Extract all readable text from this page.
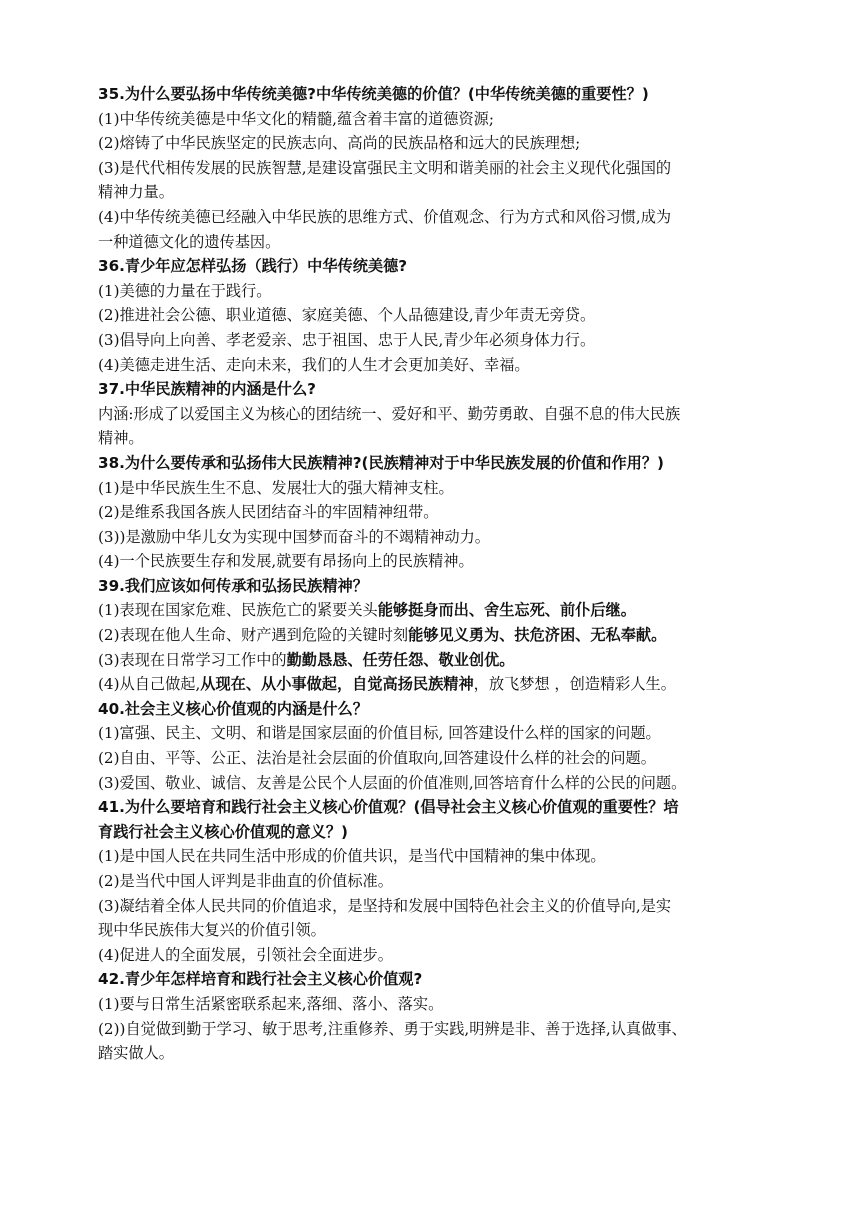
35.为什么要弘扬中华传统美德?中华传统美德的价值？(中华传统美德的重要性？)
(1)中华传统美德是中华文化的精髓,蕴含着丰富的道德资源;
(2)熔铸了中华民族坚定的民族志向、高尚的民族品格和远大的民族理想;
(3)是代代相传发展的民族智慧,是建设富强民主文明和谐美丽的社会主义现代化强国的
精神力量。
(4)中华传统美德已经融入中华民族的思维方式、价值观念、行为方式和风俗习惯,成为
一种道德文化的遗传基因。
36.青少年应怎样弘扬（践行）中华传统美德?
(1)美德的力量在于践行。
(2)推进社会公德、职业道德、家庭美德、个人品德建设,青少年责无旁贷。
(3)倡导向上向善、孝老爱亲、忠于祖国、忠于人民,青少年必须身体力行。
(4)美德走进生活、走向未来，我们的人生才会更加美好、幸福。
37.中华民族精神的内涵是什么?
内涵:形成了以爱国主义为核心的团结统一、爱好和平、勤劳勇敢、自强不息的伟大民族
精神。
38.为什么要传承和弘扬伟大民族精神?(民族精神对于中华民族发展的价值和作用？)
(1)是中华民族生生不息、发展壮大的强大精神支柱。
(2)是维系我国各族人民团结奋斗的牢固精神纽带。
(3))是激励中华儿女为实现中国梦而奋斗的不竭精神动力。
(4)一个民族要生存和发展,就要有昂扬向上的民族精神。
39.我们应该如何传承和弘扬民族精神？
(1)表现在国家危难、民族危亡的紧要关头能够挺身而出、舍生忘死、前仆后继。
(2)表现在他人生命、财产遇到危险的关键时刻能够见义勇为、扶危济困、无私奉献。
(3)表现在日常学习工作中的勤勤恳恳、任劳任怨、敬业创优。
(4)从自己做起,从现在、从小事做起，自觉高扬民族精神，放飞梦想 ，创造精彩人生。
40.社会主义核心价值观的内涵是什么？
(1)富强、民主、文明、和谐是国家层面的价值目标, 回答建设什么样的国家的问题。
(2)自由、平等、公正、法治是社会层面的价值取向,回答建设什么样的社会的问题。
(3)爱国、敬业、诚信、友善是公民个人层面的价值准则,回答培育什么样的公民的问题。
41.为什么要培育和践行社会主义核心价值观？(倡导社会主义核心价值观的重要性？培
育践行社会主义核心价值观的意义？)
(1)是中国人民在共同生活中形成的价值共识，是当代中国精神的集中体现。
(2)是当代中国人评判是非曲直的价值标准。
(3)凝结着全体人民共同的价值追求，是坚持和发展中国特色社会主义的价值导向,是实
现中华民族伟大复兴的价值引领。
(4)促进人的全面发展，引领社会全面进步。
42.青少年怎样培育和践行社会主义核心价值观?
(1)要与日常生活紧密联系起来,落细、落小、落实。
(2))自觉做到勤于学习、敏于思考,注重修养、勇于实践,明辨是非、善于选择,认真做事、
踏实做人。
